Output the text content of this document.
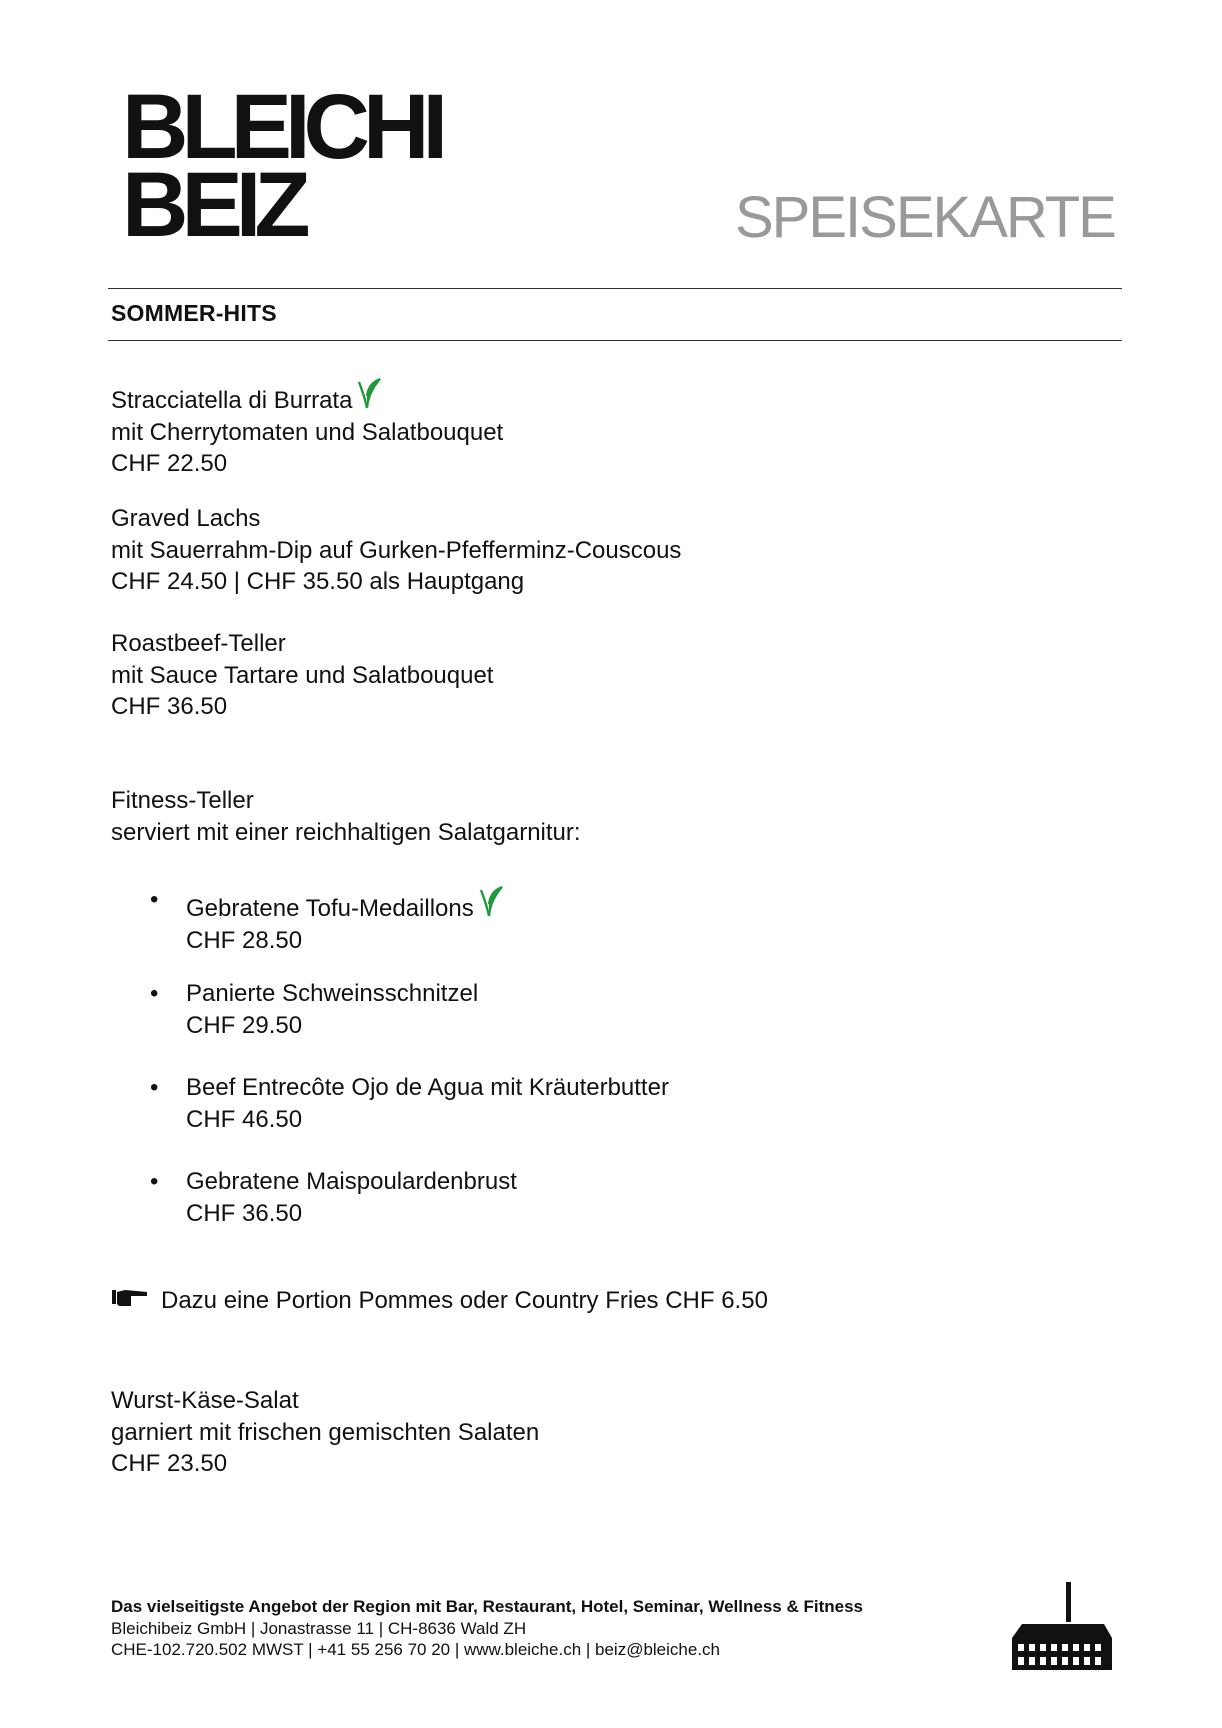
BLEICHI
BEIZ	SPEISEKARTE
SOMMER-HITS
Stracciatella di Burrata
mit Cherrytomaten und Salatbouquet
CHF 22.50
Graved Lachs
mit Sauerrahm-Dip auf Gurken-Pfefferminz-Couscous
CHF 24.50 | CHF 35.50 als Hauptgang
Roastbeef-Teller
mit Sauce Tartare und Salatbouquet
CHF 36.50
Fitness-Teller
serviert mit einer reichhaltigen Salatgarnitur:
• Gebratene Tofu-Medaillons
CHF 28.50
• Panierte Schweinsschnitzel
CHF 29.50
• Beef Entrecôte Ojo de Agua mit Kräuterbutter
CHF 46.50
• Gebratene Maispoulardenbrust
CHF 36.50
Dazu eine Portion Pommes oder Country Fries CHF 6.50
Wurst-Käse-Salat
garniert mit frischen gemischten Salaten
CHF 23.50
Das vielseitigste Angebot der Region mit Bar, Restaurant, Hotel, Seminar, Wellness & Fitness
Bleichibeiz GmbH | Jonastrasse 11 | CH-8636 Wald ZH
CHE-102.720.502 MWST | +41 55 256 70 20 | www.bleiche.ch | beiz@bleiche.ch
